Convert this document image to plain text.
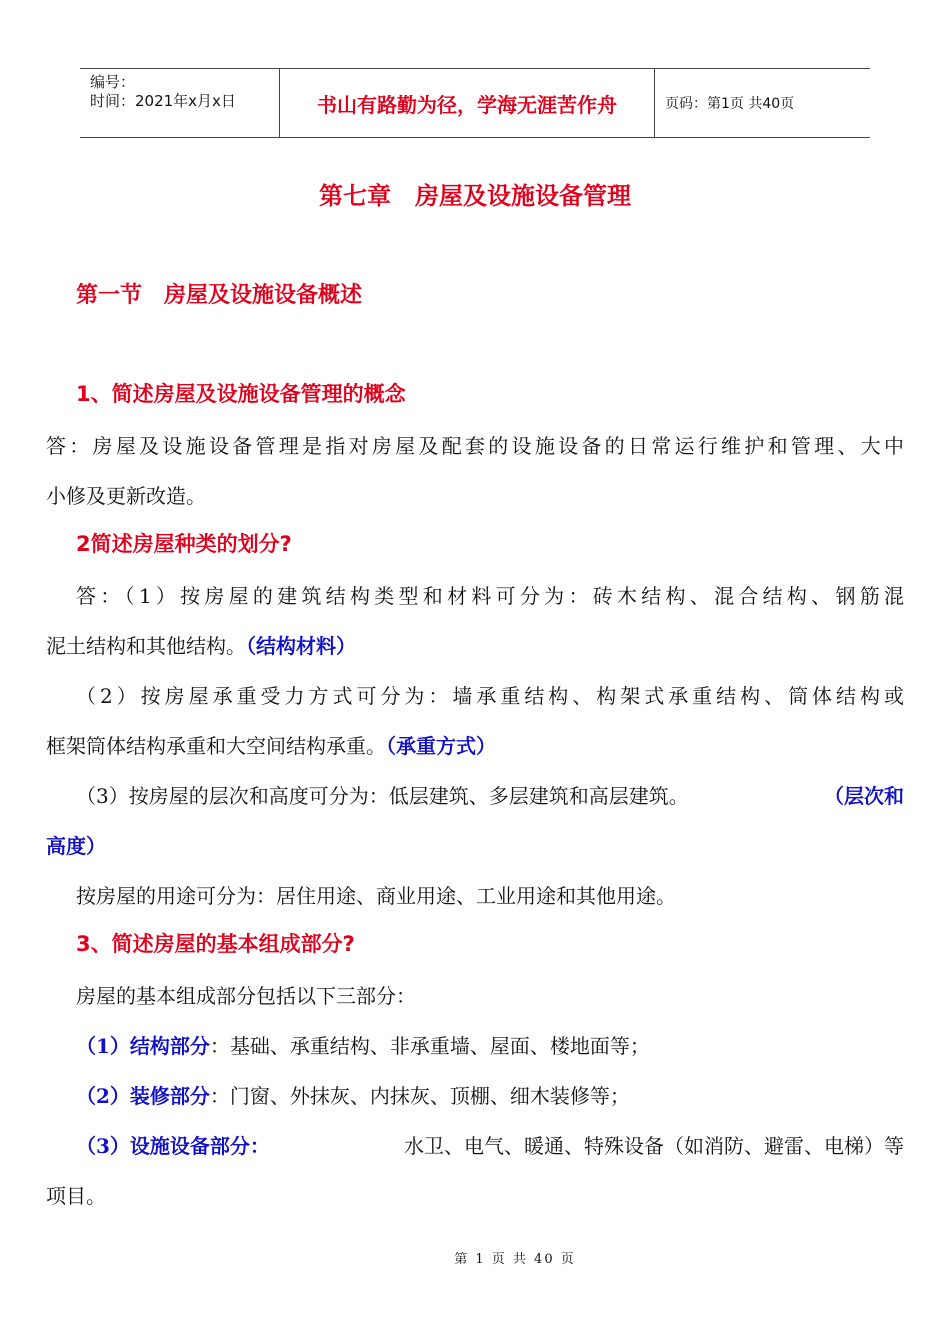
编号：
时间：2021年x月x日	书山有路勤为径，学海无涯苦作舟	页码：第1页 共40页
第七章　房屋及设施设备管理
第一节　房屋及设施设备概述
1、简述房屋及设施设备管理的概念
答：房屋及设施设备管理是指对房屋及配套的设施设备的日常运行维护和管理、大中
小修及更新改造。
2简述房屋种类的划分?
答：（1）按房屋的建筑结构类型和材料可分为：砖木结构、混合结构、钢筋混
泥土结构和其他结构。（结构材料）
（2）按房屋承重受力方式可分为：墙承重结构、构架式承重结构、筒体结构或
框架筒体结构承重和大空间结构承重。（承重方式）
（3）按房屋的层次和高度可分为：低层建筑、多层建筑和高层建筑。	（层次和
高度）
按房屋的用途可分为：居住用途、商业用途、工业用途和其他用途。
3、简述房屋的基本组成部分?
房屋的基本组成部分包括以下三部分：
（1）结构部分：基础、承重结构、非承重墙、屋面、楼地面等；
（2）装修部分：门窗、外抹灰、内抹灰、顶棚、细木装修等；
（3）设施设备部分：	水卫、电气、暖通、特殊设备（如消防、避雷、电梯）等
项目。
第 1 页 共 40 页
